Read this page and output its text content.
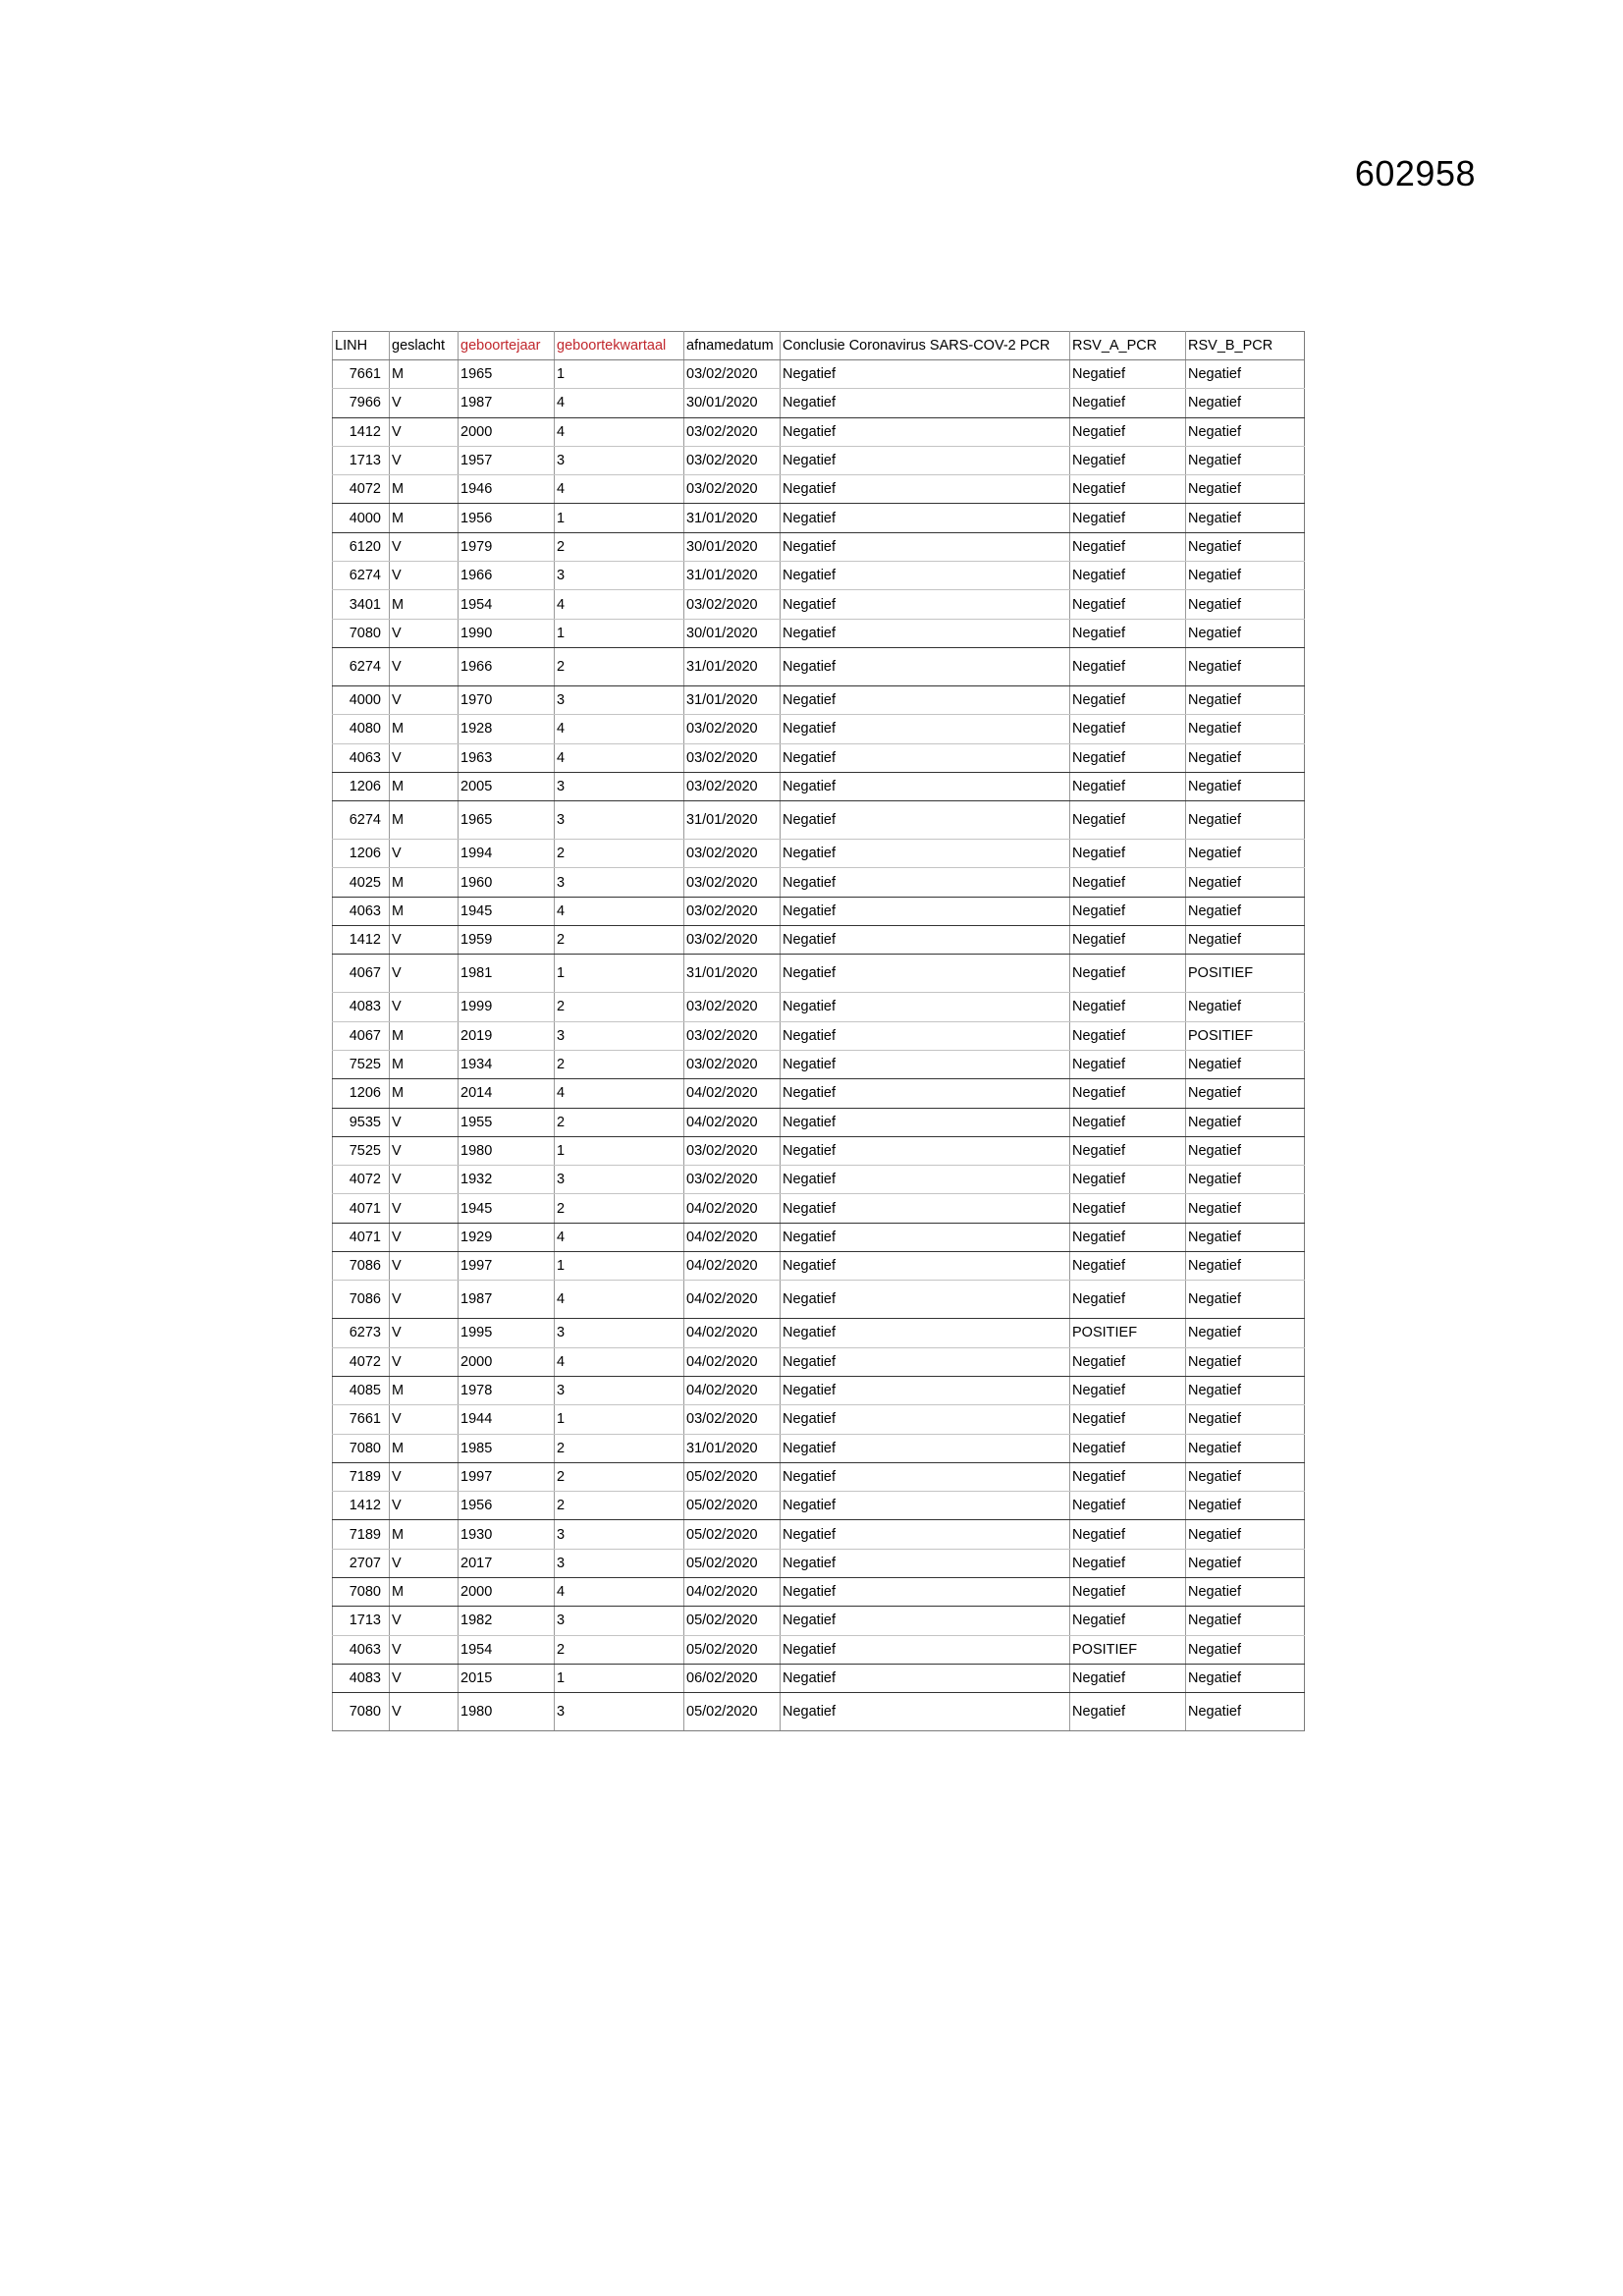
602958
LINH	geslacht	geboortejaar	geboortekwartaal	afnamedatum	Conclusie Coronavirus SARS-COV-2 PCR	RSV_A_PCR	RSV_B_PCR
7661	M	1965	1	03/02/2020	Negatief	Negatief	Negatief
7966	V	1987	4	30/01/2020	Negatief	Negatief	Negatief
1412	V	2000	4	03/02/2020	Negatief	Negatief	Negatief
1713	V	1957	3	03/02/2020	Negatief	Negatief	Negatief
4072	M	1946	4	03/02/2020	Negatief	Negatief	Negatief
4000	M	1956	1	31/01/2020	Negatief	Negatief	Negatief
6120	V	1979	2	30/01/2020	Negatief	Negatief	Negatief
6274	V	1966	3	31/01/2020	Negatief	Negatief	Negatief
3401	M	1954	4	03/02/2020	Negatief	Negatief	Negatief
7080	V	1990	1	30/01/2020	Negatief	Negatief	Negatief
6274	V	1966	2	31/01/2020	Negatief	Negatief	Negatief
4000	V	1970	3	31/01/2020	Negatief	Negatief	Negatief
4080	M	1928	4	03/02/2020	Negatief	Negatief	Negatief
4063	V	1963	4	03/02/2020	Negatief	Negatief	Negatief
1206	M	2005	3	03/02/2020	Negatief	Negatief	Negatief
6274	M	1965	3	31/01/2020	Negatief	Negatief	Negatief
1206	V	1994	2	03/02/2020	Negatief	Negatief	Negatief
4025	M	1960	3	03/02/2020	Negatief	Negatief	Negatief
4063	M	1945	4	03/02/2020	Negatief	Negatief	Negatief
1412	V	1959	2	03/02/2020	Negatief	Negatief	Negatief
4067	V	1981	1	31/01/2020	Negatief	Negatief	POSITIEF
4083	V	1999	2	03/02/2020	Negatief	Negatief	Negatief
4067	M	2019	3	03/02/2020	Negatief	Negatief	POSITIEF
7525	M	1934	2	03/02/2020	Negatief	Negatief	Negatief
1206	M	2014	4	04/02/2020	Negatief	Negatief	Negatief
9535	V	1955	2	04/02/2020	Negatief	Negatief	Negatief
7525	V	1980	1	03/02/2020	Negatief	Negatief	Negatief
4072	V	1932	3	03/02/2020	Negatief	Negatief	Negatief
4071	V	1945	2	04/02/2020	Negatief	Negatief	Negatief
4071	V	1929	4	04/02/2020	Negatief	Negatief	Negatief
7086	V	1997	1	04/02/2020	Negatief	Negatief	Negatief
7086	V	1987	4	04/02/2020	Negatief	Negatief	Negatief
6273	V	1995	3	04/02/2020	Negatief	POSITIEF	Negatief
4072	V	2000	4	04/02/2020	Negatief	Negatief	Negatief
4085	M	1978	3	04/02/2020	Negatief	Negatief	Negatief
7661	V	1944	1	03/02/2020	Negatief	Negatief	Negatief
7080	M	1985	2	31/01/2020	Negatief	Negatief	Negatief
7189	V	1997	2	05/02/2020	Negatief	Negatief	Negatief
1412	V	1956	2	05/02/2020	Negatief	Negatief	Negatief
7189	M	1930	3	05/02/2020	Negatief	Negatief	Negatief
2707	V	2017	3	05/02/2020	Negatief	Negatief	Negatief
7080	M	2000	4	04/02/2020	Negatief	Negatief	Negatief
1713	V	1982	3	05/02/2020	Negatief	Negatief	Negatief
4063	V	1954	2	05/02/2020	Negatief	POSITIEF	Negatief
4083	V	2015	1	06/02/2020	Negatief	Negatief	Negatief
7080	V	1980	3	05/02/2020	Negatief	Negatief	Negatief
